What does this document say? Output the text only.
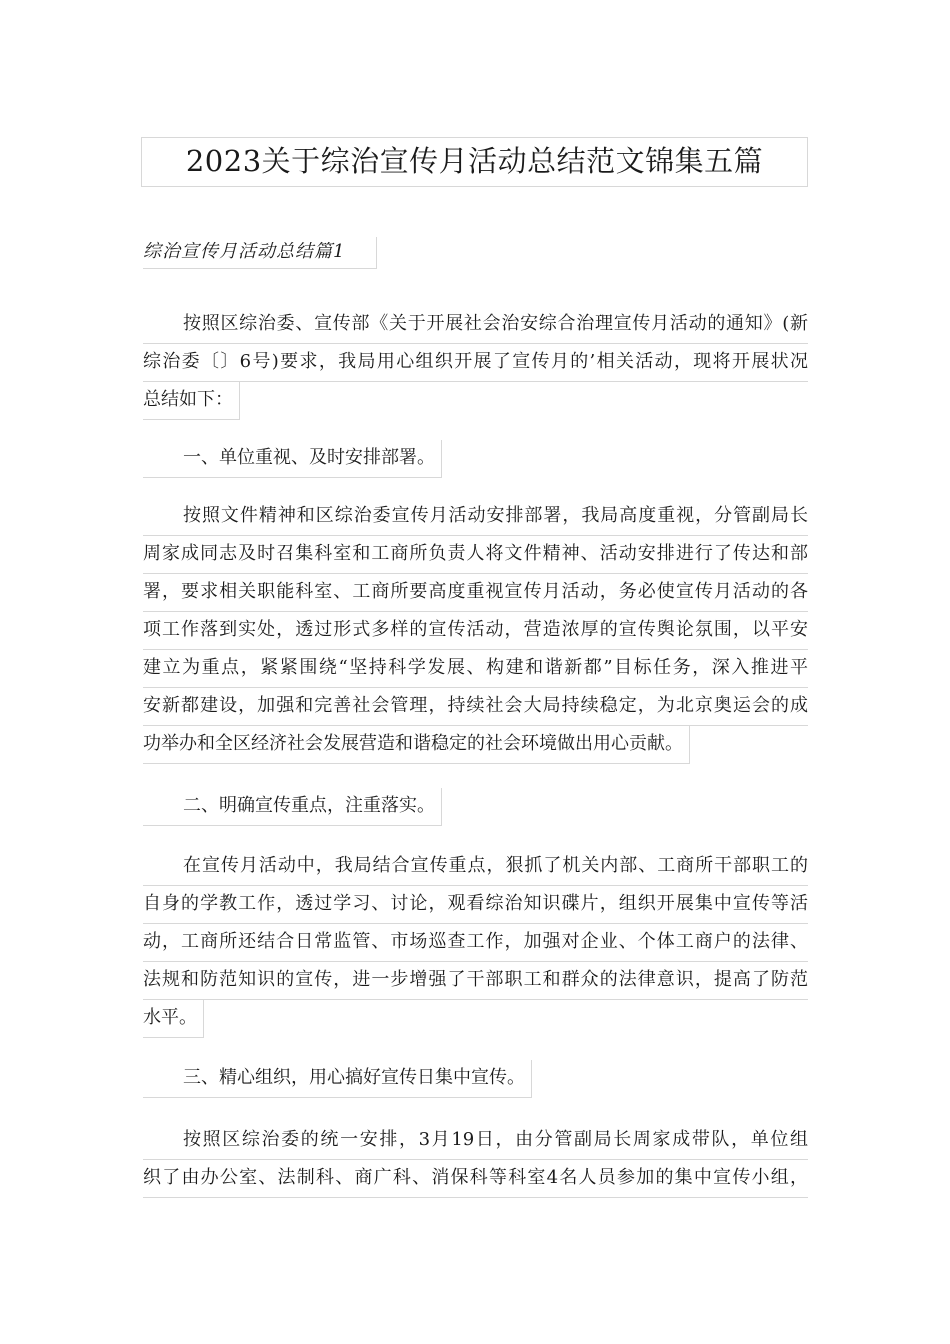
2023关于综治宣传月活动总结范文锦集五篇
综治宣传月活动总结篇1
按照区综治委、宣传部《关于开展社会治安综合治理宣传月活动的通知》(新
综治委〔〕6号)要求，我局用心组织开展了宣传月的’相关活动，现将开展状况
总结如下：
一、单位重视、及时安排部署。
按照文件精神和区综治委宣传月活动安排部署，我局高度重视，分管副局长
周家成同志及时召集科室和工商所负责人将文件精神、活动安排进行了传达和部
署，要求相关职能科室、工商所要高度重视宣传月活动，务必使宣传月活动的各
项工作落到实处，透过形式多样的宣传活动，营造浓厚的宣传舆论氛围，以平安
建立为重点，紧紧围绕“坚持科学发展、构建和谐新都”目标任务，深入推进平
安新都建设，加强和完善社会管理，持续社会大局持续稳定，为北京奥运会的成
功举办和全区经济社会发展营造和谐稳定的社会环境做出用心贡献。
二、明确宣传重点，注重落实。
在宣传月活动中，我局结合宣传重点，狠抓了机关内部、工商所干部职工的
自身的学教工作，透过学习、讨论，观看综治知识碟片，组织开展集中宣传等活
动，工商所还结合日常监管、市场巡查工作，加强对企业、个体工商户的法律、
法规和防范知识的宣传，进一步增强了干部职工和群众的法律意识，提高了防范
水平。
三、精心组织，用心搞好宣传日集中宣传。
按照区综治委的统一安排，3月19日，由分管副局长周家成带队，单位组
织了由办公室、法制科、商广科、消保科等科室4名人员参加的集中宣传小组，
